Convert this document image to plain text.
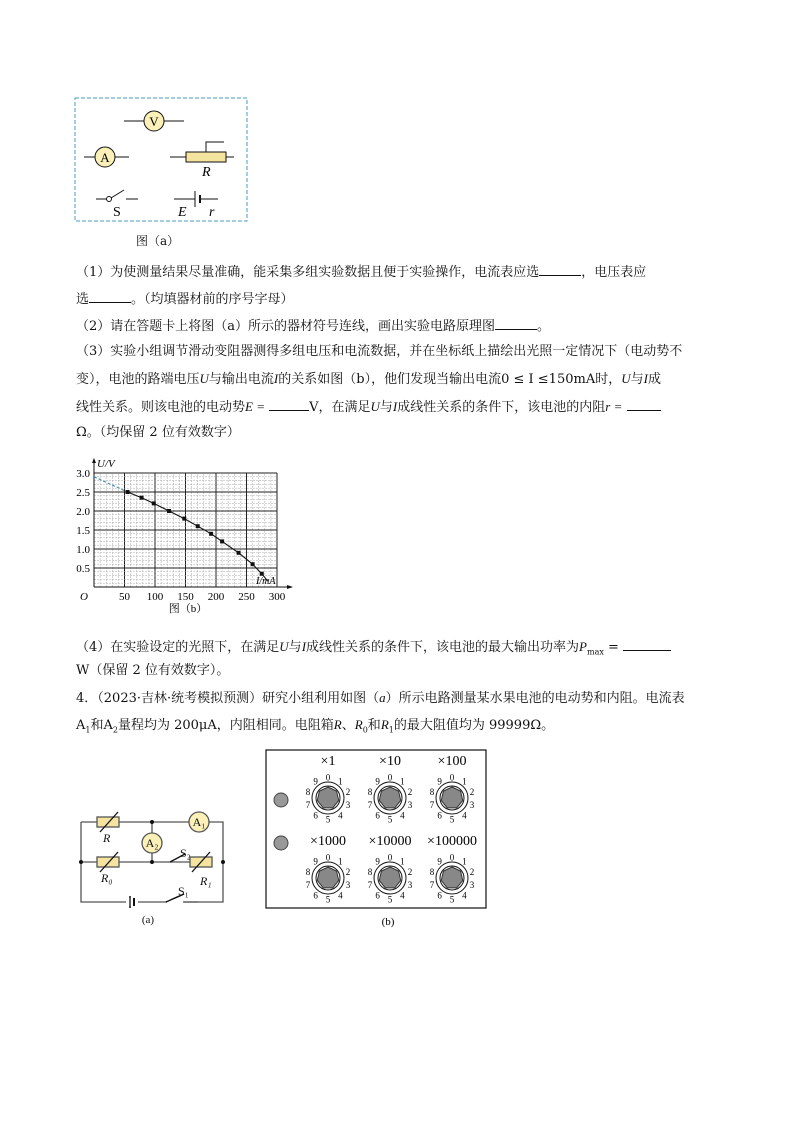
V
A
R
S	E r
图（a）
（1）为使测量结果尽量准确，能采集多组实验数据且便于实验操作，电流表应选	，电压表应
选	。（均填器材前的序号字母）
（2）请在答题卡上将图（a）所示的器材符号连线，画出实验电路原理图	。
（3）实验小组调节滑动变阻器测得多组电压和电流数据，并在坐标纸上描绘出光照一定情况下（电动势不
变），电池的路端电压U与输出电流I的关系如图（b），他们发现当输出电流0 ≤ I ≤150mA时，U与I成
线性关系。则该电池的电动势E =	V，在满足U与I成线性关系的条件下，该电池的内阻r =
Ω。（均保留 2 位有效数字）
50 100 150 200 250 300
0.5
1.0
1.5
2.0
2.5
3.0
U/V
I/mA
O
图（b）
（4）在实验设定的光照下，在满足U与I成线性关系的条件下，该电池的最大输出功率为$P_{max}$ =
W（保留 2 位有效数字）。
4．（2023·吉林·统考模拟预测）研究小组利用如图（a）所示电路测量某水果电池的电动势和内阻。电流表
$A_1$和$A_2$量程均为 200μA，内阻相同。电阻箱R、$R_0$和$R_1$的最大阻值均为 99999Ω。
R
R₀	R₁
A₁
A₂
S₂
S₁
(a)
×1
0 1
2
3
4
5
6
7
8
9
×10
0 1
2
3
4
5
6
7
8
9
×100
0 1
2
3
4
5
6
7
8
9
×1000
0 1
2
3
4
5
6
7
8
9
×10000
0 1
2
3
4
5
6
7
8
9
×100000
0 1
2
3
4
5
6
7
8
9
(b)
